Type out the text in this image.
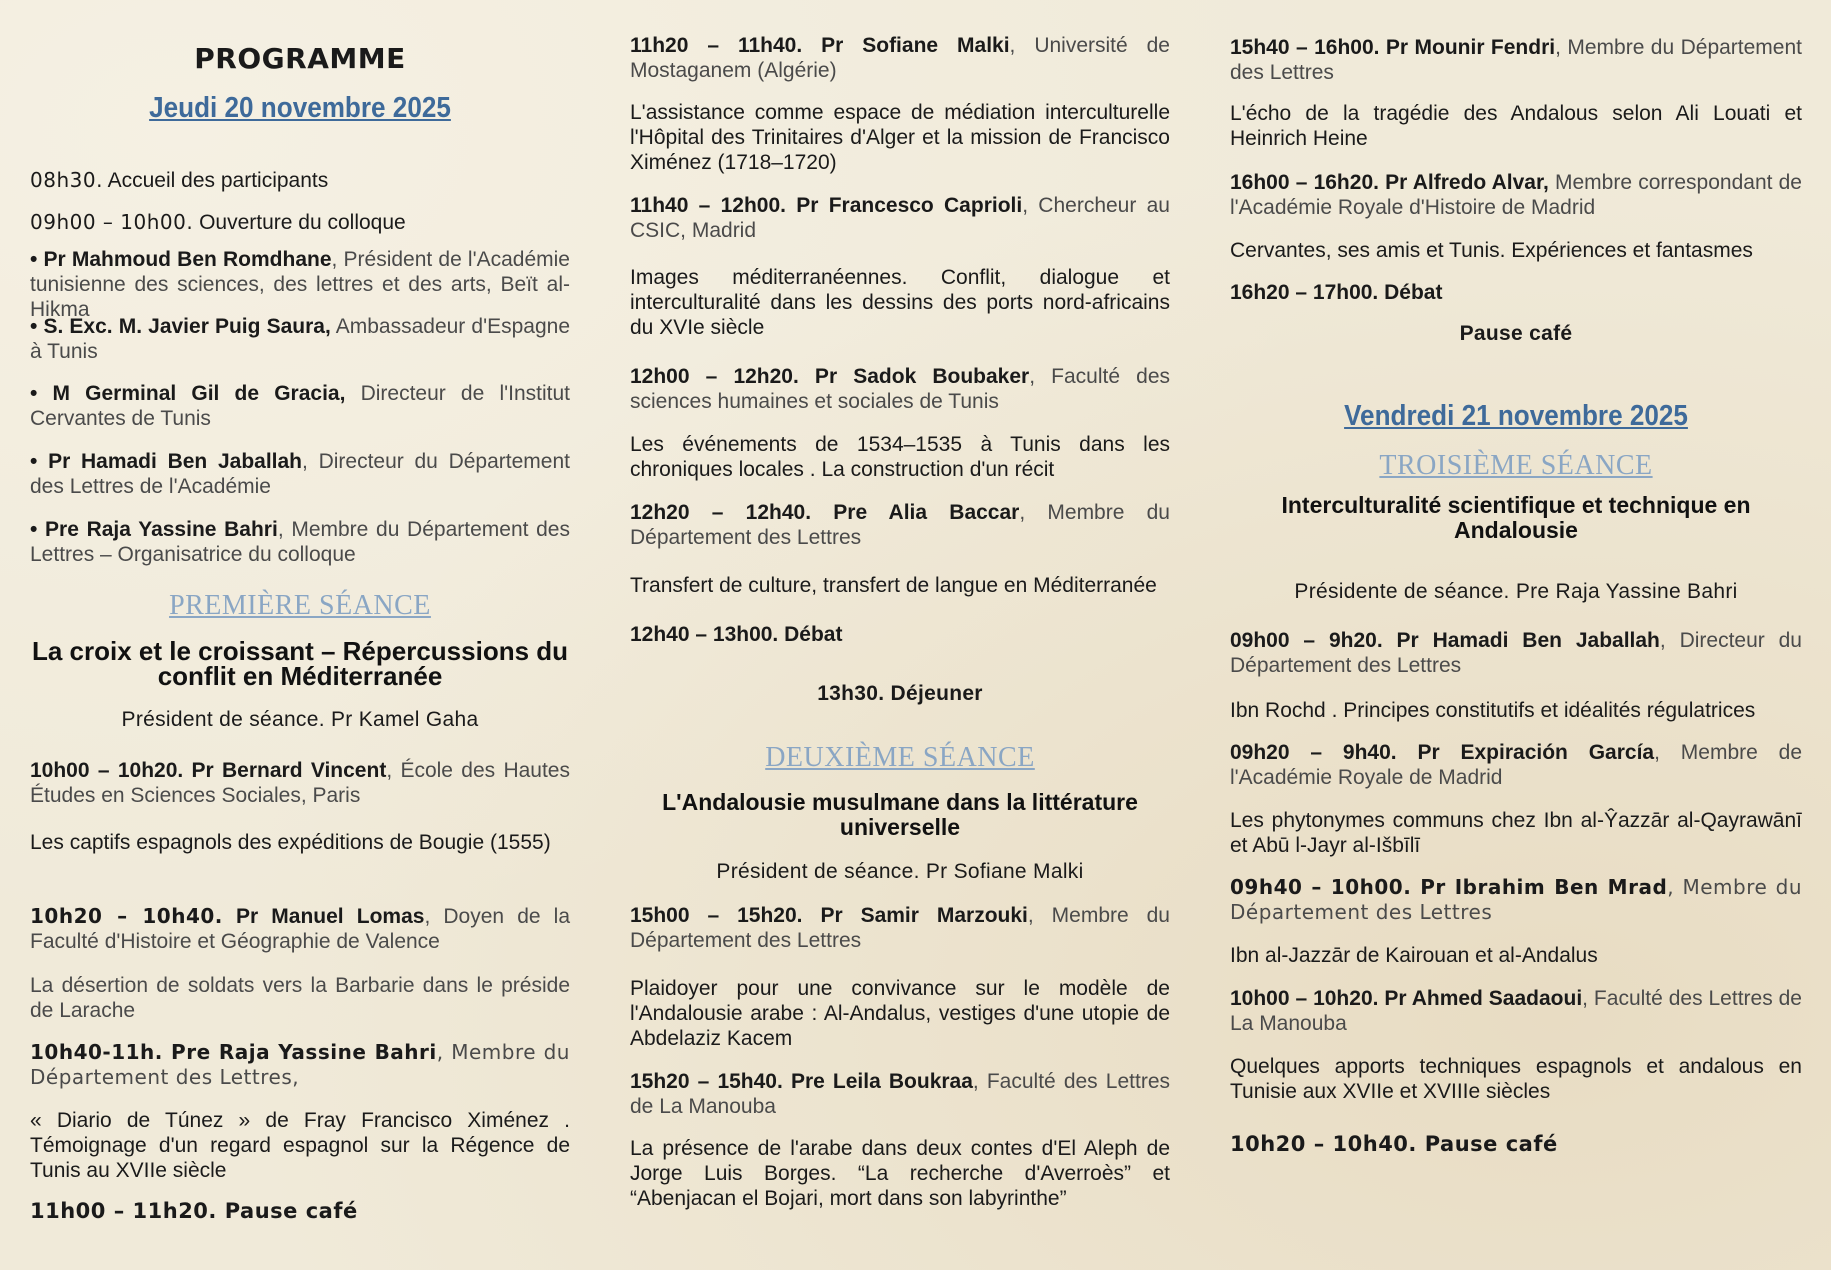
PROGRAMME

Jeudi 20 novembre 2025

08h30. Accueil des participants

09h00 – 10h00. Ouverture du colloque

• Pr Mahmoud Ben Romdhane, Président de l'Académie tunisienne des sciences, des lettres et des arts, Beït al-Hikma

• S. Exc. M. Javier Puig Saura, Ambassadeur d'Espagne à Tunis

• M Germinal Gil de Gracia, Directeur de l'Institut Cervantes de Tunis

• Pr Hamadi Ben Jaballah, Directeur du Département des Lettres de l'Académie

• Pre Raja Yassine Bahri, Membre du Département des Lettres – Organisatrice du colloque

PREMIÈRE SÉANCE

La croix et le croissant – Répercussions du conflit en Méditerranée

Président de séance. Pr Kamel Gaha

10h00 – 10h20. Pr Bernard Vincent, École des Hautes Études en Sciences Sociales, Paris

Les captifs espagnols des expéditions de Bougie (1555)

10h20 – 10h40. Pr Manuel Lomas, Doyen de la Faculté d'Histoire et Géographie de Valence

La désertion de soldats vers la Barbarie dans le préside de Larache

10h40-11h. Pre Raja Yassine Bahri, Membre du Département des Lettres,

« Diario de Túnez » de Fray Francisco Ximénez . Témoignage d'un regard espagnol sur la Régence de Tunis au XVIIe siècle

11h00 – 11h20. Pause café

11h20 – 11h40. Pr Sofiane Malki, Université de Mostaganem (Algérie)

L'assistance comme espace de médiation interculturelle l'Hôpital des Trinitaires d'Alger et la mission de Francisco Ximénez (1718–1720)

11h40 – 12h00. Pr Francesco Caprioli, Chercheur au CSIC, Madrid

Images méditerranéennes. Conflit, dialogue et interculturalité dans les dessins des ports nord-africains du XVIe siècle

12h00 – 12h20. Pr Sadok Boubaker, Faculté des sciences humaines et sociales de Tunis

Les événements de 1534–1535 à Tunis dans les chroniques locales . La construction d'un récit

12h20 – 12h40. Pre Alia Baccar, Membre du Département des Lettres

Transfert de culture, transfert de langue en Méditerranée

12h40 – 13h00. Débat

13h30. Déjeuner

DEUXIÈME SÉANCE

L'Andalousie musulmane dans la littérature universelle

Président de séance. Pr Sofiane Malki

15h00 – 15h20. Pr Samir Marzouki, Membre du Département des Lettres

Plaidoyer pour une convivance sur le modèle de l'Andalousie arabe : Al-Andalus, vestiges d'une utopie de Abdelaziz Kacem

15h20 – 15h40. Pre Leila Boukraa, Faculté des Lettres de La Manouba

La présence de l'arabe dans deux contes d'El Aleph de Jorge Luis Borges. “La recherche d'Averroès” et “Abenjacan el Bojari, mort dans son labyrinthe”

15h40 – 16h00. Pr Mounir Fendri, Membre du Département des Lettres

L'écho de la tragédie des Andalous selon Ali Louati et Heinrich Heine

16h00 – 16h20. Pr Alfredo Alvar, Membre correspondant de l'Académie Royale d'Histoire de Madrid

Cervantes, ses amis et Tunis. Expériences et fantasmes

16h20 – 17h00. Débat

Pause café

Vendredi 21 novembre 2025

TROISIÈME SÉANCE

Interculturalité scientifique et technique en Andalousie

Présidente de séance. Pre Raja Yassine Bahri

09h00 – 9h20. Pr Hamadi Ben Jaballah, Directeur du Département des Lettres

Ibn Rochd . Principes constitutifs et idéalités régulatrices

09h20 – 9h40. Pr Expiración García, Membre de l'Académie Royale de Madrid

Les phytonymes communs chez Ibn al-Ŷazzār al-Qayrawānī et Abū l-Jayr al-Išbīlī

09h40 – 10h00. Pr Ibrahim Ben Mrad, Membre du Département des Lettres

Ibn al-Jazzār de Kairouan et al-Andalus

10h00 – 10h20. Pr Ahmed Saadaoui, Faculté des Lettres de La Manouba

Quelques apports techniques espagnols et andalous en Tunisie aux XVIIe et XVIIIe siècles

10h20 – 10h40. Pause café
